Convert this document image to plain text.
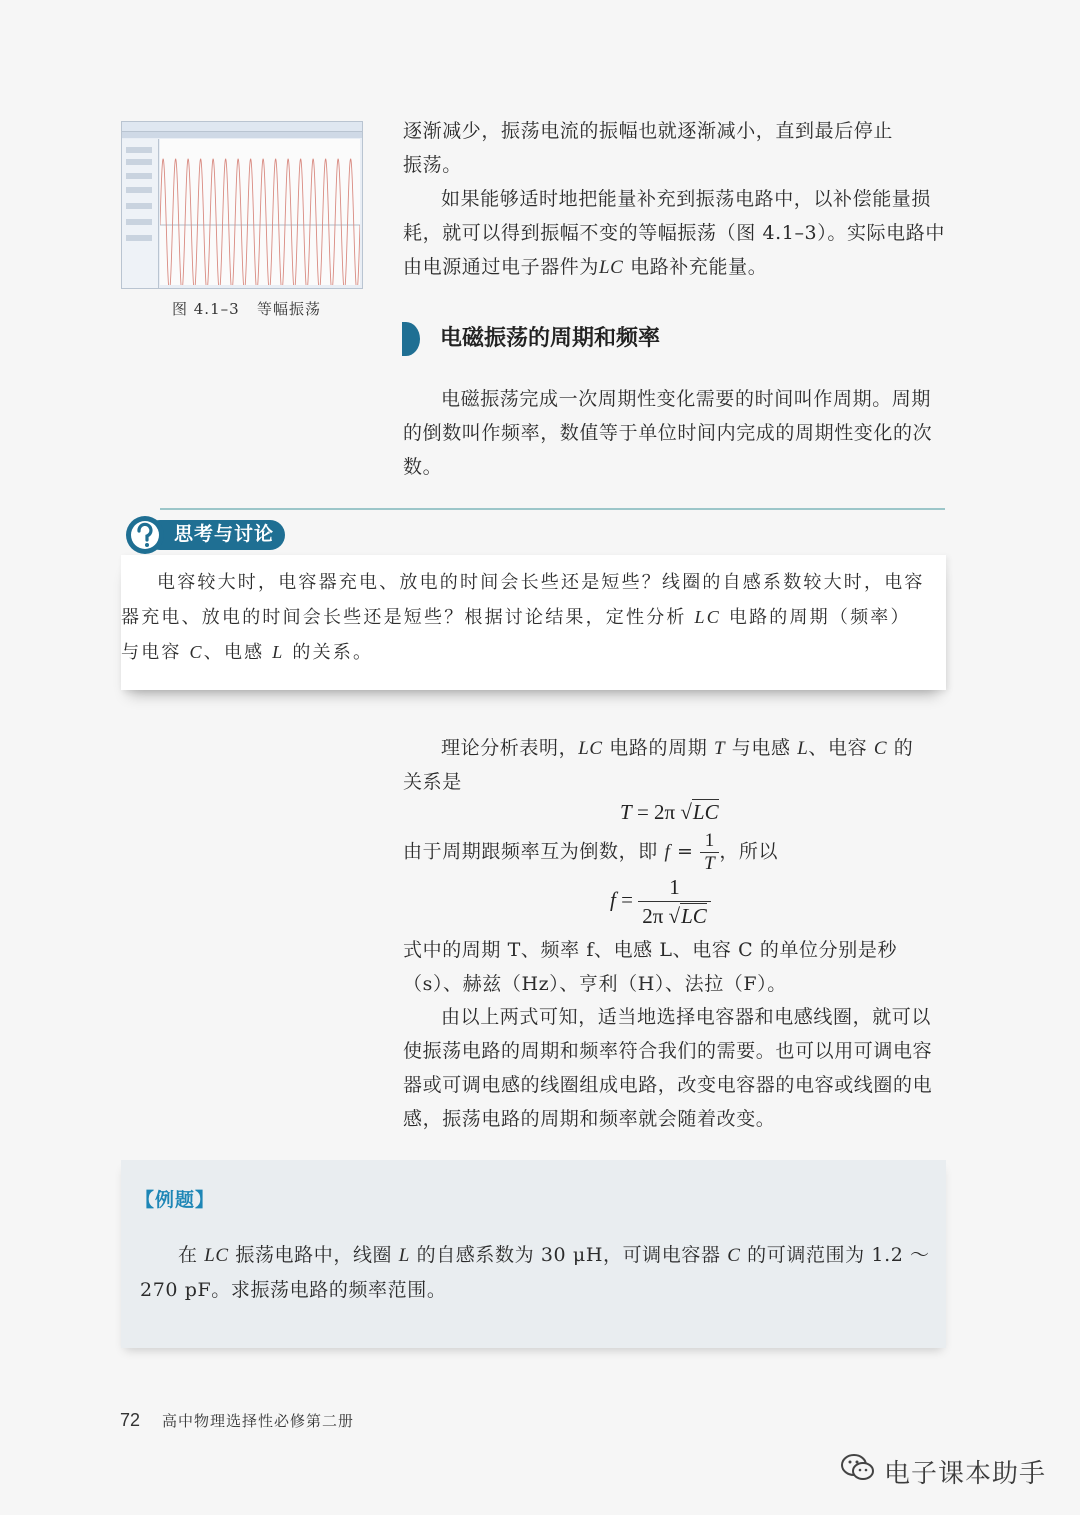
图 4.1–3 等幅振荡
逐渐减少，振荡电流的振幅也就逐渐减小，直到最后停止
振荡。
如果能够适时地把能量补充到振荡电路中，以补偿能量损耗，就可以得到振幅不变的等幅振荡（图 4.1–3）。实际电路中由电源通过电子器件为LC 电路补充能量。
电磁振荡的周期和频率
电磁振荡完成一次周期性变化需要的时间叫作周期。周期的倒数叫作频率，数值等于单位时间内完成的周期性变化的次数。
思考与讨论
电容较大时，电容器充电、放电的时间会长些还是短些？线圈的自感系数较大时，电容器充电、放电的时间会长些还是短些？根据讨论结果，定性分析 LC 电路的周期（频率）与电容 C、电感 L 的关系。
理论分析表明，LC 电路的周期 T 与电感 L、电容 C 的
关系是
T = 2π √LC
由于周期跟频率互为倒数，即 $f = \frac{1}{T}$ ，所以
$f = \frac{1}{2\pi √LC}$
式中的周期 T、频率 f、电感 L、电容 C 的单位分别是秒（s）、赫兹（Hz）、亨利（H）、法拉（F）。
由以上两式可知，适当地选择电容器和电感线圈，就可以使振荡电路的周期和频率符合我们的需要。也可以用可调电容器或可调电感的线圈组成电路，改变电容器的电容或线圈的电感，振荡电路的周期和频率就会随着改变。
【例题】
在 LC 振荡电路中，线圈 L 的自感系数为 30 μH，可调电容器 C 的可调范围为 1.2 ～ 270 pF。求振荡电路的频率范围。
72 高中物理选择性必修第二册
电子课本助手
